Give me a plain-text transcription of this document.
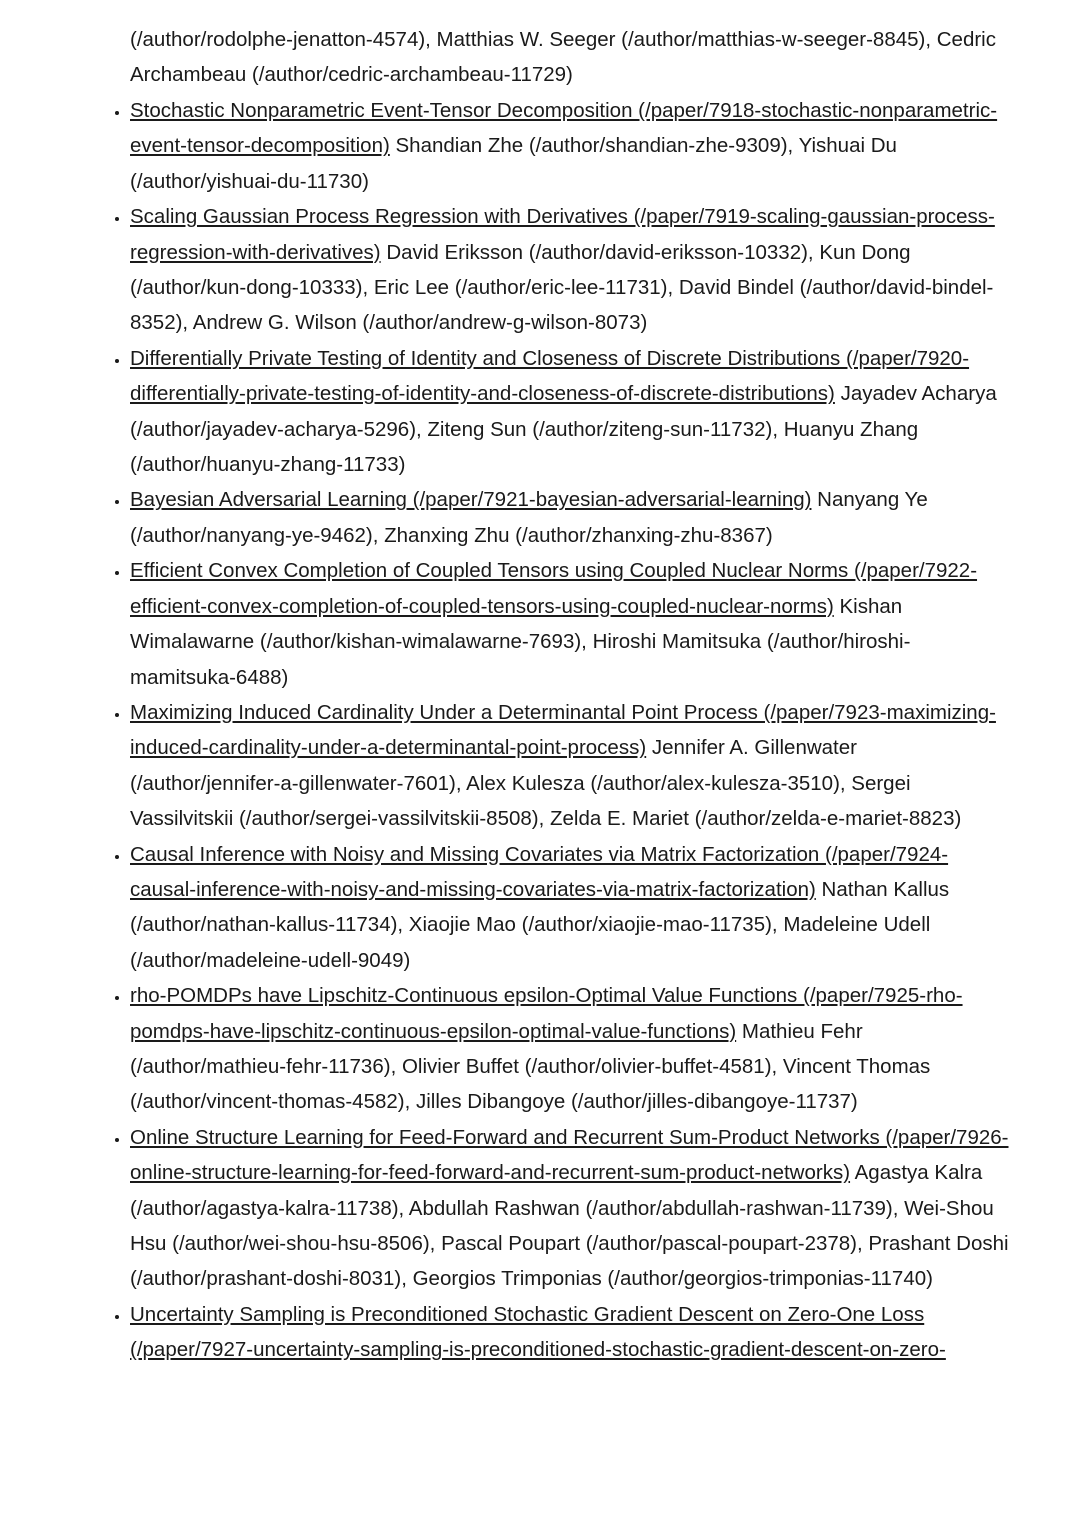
(/author/rodolphe-jenatton-4574), Matthias W. Seeger (/author/matthias-w-seeger-8845), Cedric Archambeau (/author/cedric-archambeau-11729)

• Stochastic Nonparametric Event-Tensor Decomposition (/paper/7918-stochastic-nonparametric-event-tensor-decomposition) Shandian Zhe (/author/shandian-zhe-9309), Yishuai Du (/author/yishuai-du-11730)
• Scaling Gaussian Process Regression with Derivatives (/paper/7919-scaling-gaussian-process-regression-with-derivatives) David Eriksson (/author/david-eriksson-10332), Kun Dong (/author/kun-dong-10333), Eric Lee (/author/eric-lee-11731), David Bindel (/author/david-bindel-8352), Andrew G. Wilson (/author/andrew-g-wilson-8073)
• Differentially Private Testing of Identity and Closeness of Discrete Distributions (/paper/7920-differentially-private-testing-of-identity-and-closeness-of-discrete-distributions) Jayadev Acharya (/author/jayadev-acharya-5296), Ziteng Sun (/author/ziteng-sun-11732), Huanyu Zhang (/author/huanyu-zhang-11733)
• Bayesian Adversarial Learning (/paper/7921-bayesian-adversarial-learning) Nanyang Ye (/author/nanyang-ye-9462), Zhanxing Zhu (/author/zhanxing-zhu-8367)
• Efficient Convex Completion of Coupled Tensors using Coupled Nuclear Norms (/paper/7922-efficient-convex-completion-of-coupled-tensors-using-coupled-nuclear-norms) Kishan Wimalawarne (/author/kishan-wimalawarne-7693), Hiroshi Mamitsuka (/author/hiroshi-mamitsuka-6488)
• Maximizing Induced Cardinality Under a Determinantal Point Process (/paper/7923-maximizing-induced-cardinality-under-a-determinantal-point-process) Jennifer A. Gillenwater (/author/jennifer-a-gillenwater-7601), Alex Kulesza (/author/alex-kulesza-3510), Sergei Vassilvitskii (/author/sergei-vassilvitskii-8508), Zelda E. Mariet (/author/zelda-e-mariet-8823)
• Causal Inference with Noisy and Missing Covariates via Matrix Factorization (/paper/7924-causal-inference-with-noisy-and-missing-covariates-via-matrix-factorization) Nathan Kallus (/author/nathan-kallus-11734), Xiaojie Mao (/author/xiaojie-mao-11735), Madeleine Udell (/author/madeleine-udell-9049)
• rho-POMDPs have Lipschitz-Continuous epsilon-Optimal Value Functions (/paper/7925-rho-pomdps-have-lipschitz-continuous-epsilon-optimal-value-functions) Mathieu Fehr (/author/mathieu-fehr-11736), Olivier Buffet (/author/olivier-buffet-4581), Vincent Thomas (/author/vincent-thomas-4582), Jilles Dibangoye (/author/jilles-dibangoye-11737)
• Online Structure Learning for Feed-Forward and Recurrent Sum-Product Networks (/paper/7926-online-structure-learning-for-feed-forward-and-recurrent-sum-product-networks) Agastya Kalra (/author/agastya-kalra-11738), Abdullah Rashwan (/author/abdullah-rashwan-11739), Wei-Shou Hsu (/author/wei-shou-hsu-8506), Pascal Poupart (/author/pascal-poupart-2378), Prashant Doshi (/author/prashant-doshi-8031), Georgios Trimponias (/author/georgios-trimponias-11740)
• Uncertainty Sampling is Preconditioned Stochastic Gradient Descent on Zero-One Loss (/paper/7927-uncertainty-sampling-is-preconditioned-stochastic-gradient-descent-on-zero-
